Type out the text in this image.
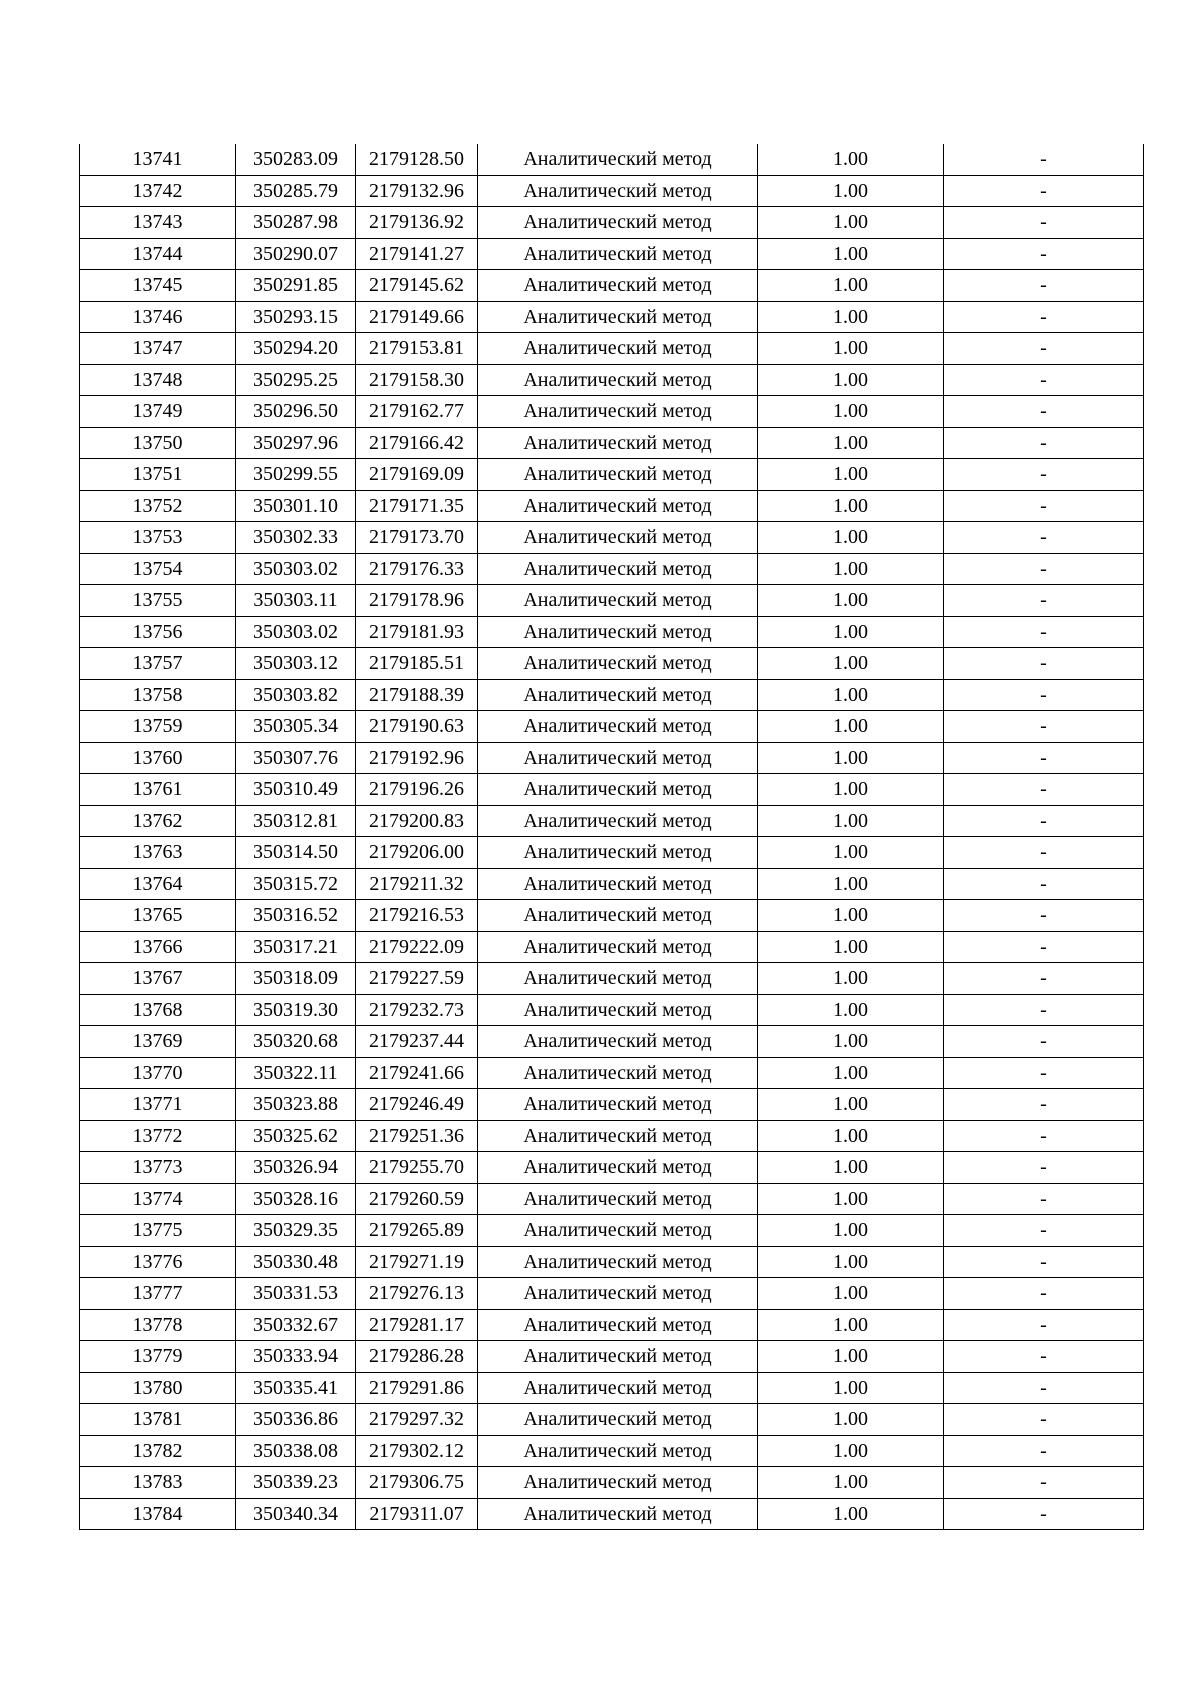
13741	350283.09	2179128.50	Аналитический метод	1.00	-
13742	350285.79	2179132.96	Аналитический метод	1.00	-
13743	350287.98	2179136.92	Аналитический метод	1.00	-
13744	350290.07	2179141.27	Аналитический метод	1.00	-
13745	350291.85	2179145.62	Аналитический метод	1.00	-
13746	350293.15	2179149.66	Аналитический метод	1.00	-
13747	350294.20	2179153.81	Аналитический метод	1.00	-
13748	350295.25	2179158.30	Аналитический метод	1.00	-
13749	350296.50	2179162.77	Аналитический метод	1.00	-
13750	350297.96	2179166.42	Аналитический метод	1.00	-
13751	350299.55	2179169.09	Аналитический метод	1.00	-
13752	350301.10	2179171.35	Аналитический метод	1.00	-
13753	350302.33	2179173.70	Аналитический метод	1.00	-
13754	350303.02	2179176.33	Аналитический метод	1.00	-
13755	350303.11	2179178.96	Аналитический метод	1.00	-
13756	350303.02	2179181.93	Аналитический метод	1.00	-
13757	350303.12	2179185.51	Аналитический метод	1.00	-
13758	350303.82	2179188.39	Аналитический метод	1.00	-
13759	350305.34	2179190.63	Аналитический метод	1.00	-
13760	350307.76	2179192.96	Аналитический метод	1.00	-
13761	350310.49	2179196.26	Аналитический метод	1.00	-
13762	350312.81	2179200.83	Аналитический метод	1.00	-
13763	350314.50	2179206.00	Аналитический метод	1.00	-
13764	350315.72	2179211.32	Аналитический метод	1.00	-
13765	350316.52	2179216.53	Аналитический метод	1.00	-
13766	350317.21	2179222.09	Аналитический метод	1.00	-
13767	350318.09	2179227.59	Аналитический метод	1.00	-
13768	350319.30	2179232.73	Аналитический метод	1.00	-
13769	350320.68	2179237.44	Аналитический метод	1.00	-
13770	350322.11	2179241.66	Аналитический метод	1.00	-
13771	350323.88	2179246.49	Аналитический метод	1.00	-
13772	350325.62	2179251.36	Аналитический метод	1.00	-
13773	350326.94	2179255.70	Аналитический метод	1.00	-
13774	350328.16	2179260.59	Аналитический метод	1.00	-
13775	350329.35	2179265.89	Аналитический метод	1.00	-
13776	350330.48	2179271.19	Аналитический метод	1.00	-
13777	350331.53	2179276.13	Аналитический метод	1.00	-
13778	350332.67	2179281.17	Аналитический метод	1.00	-
13779	350333.94	2179286.28	Аналитический метод	1.00	-
13780	350335.41	2179291.86	Аналитический метод	1.00	-
13781	350336.86	2179297.32	Аналитический метод	1.00	-
13782	350338.08	2179302.12	Аналитический метод	1.00	-
13783	350339.23	2179306.75	Аналитический метод	1.00	-
13784	350340.34	2179311.07	Аналитический метод	1.00	-
